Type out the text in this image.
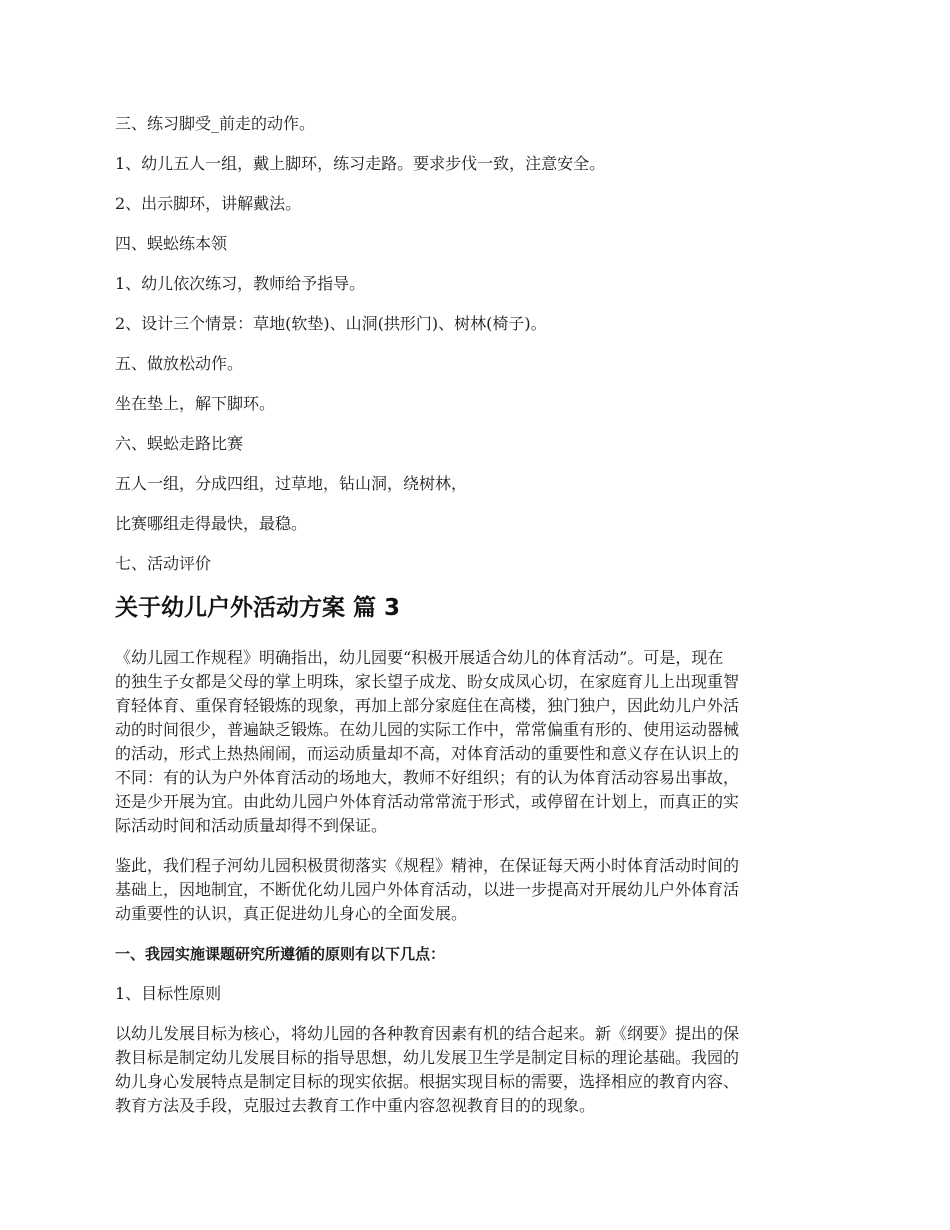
三、练习脚受_前走的动作。
1、幼儿五人一组，戴上脚环，练习走路。要求步伐一致，注意安全。
2、出示脚环，讲解戴法。
四、蜈蚣练本领
1、幼儿依次练习，教师给予指导。
2、设计三个情景：草地(软垫)、山洞(拱形门)、树林(椅子)。
五、做放松动作。
坐在垫上，解下脚环。
六、蜈蚣走路比赛
五人一组，分成四组，过草地，钻山洞，绕树林，
比赛哪组走得最快，最稳。
七、活动评价
关于幼儿户外活动方案 篇 3
《幼儿园工作规程》明确指出，幼儿园要“积极开展适合幼儿的体育活动”。可是，现在
的独生子女都是父母的掌上明珠，家长望子成龙、盼女成凤心切，在家庭育儿上出现重智
育轻体育、重保育轻锻炼的现象，再加上部分家庭住在高楼，独门独户，因此幼儿户外活
动的时间很少，普遍缺乏锻炼。在幼儿园的实际工作中，常常偏重有形的、使用运动器械
的活动，形式上热热闹闹，而运动质量却不高，对体育活动的重要性和意义存在认识上的
不同：有的认为户外体育活动的场地大，教师不好组织；有的认为体育活动容易出事故，
还是少开展为宜。由此幼儿园户外体育活动常常流于形式，或停留在计划上，而真正的实
际活动时间和活动质量却得不到保证。
鉴此，我们程子河幼儿园积极贯彻落实《规程》精神，在保证每天两小时体育活动时间的
基础上，因地制宜，不断优化幼儿园户外体育活动，以进一步提高对开展幼儿户外体育活
动重要性的认识，真正促进幼儿身心的全面发展。
一、我园实施课题研究所遵循的原则有以下几点：
1、目标性原则
以幼儿发展目标为核心，将幼儿园的各种教育因素有机的结合起来。新《纲要》提出的保
教目标是制定幼儿发展目标的指导思想，幼儿发展卫生学是制定目标的理论基础。我园的
幼儿身心发展特点是制定目标的现实依据。根据实现目标的需要，选择相应的教育内容、
教育方法及手段，克服过去教育工作中重内容忽视教育目的的现象。
